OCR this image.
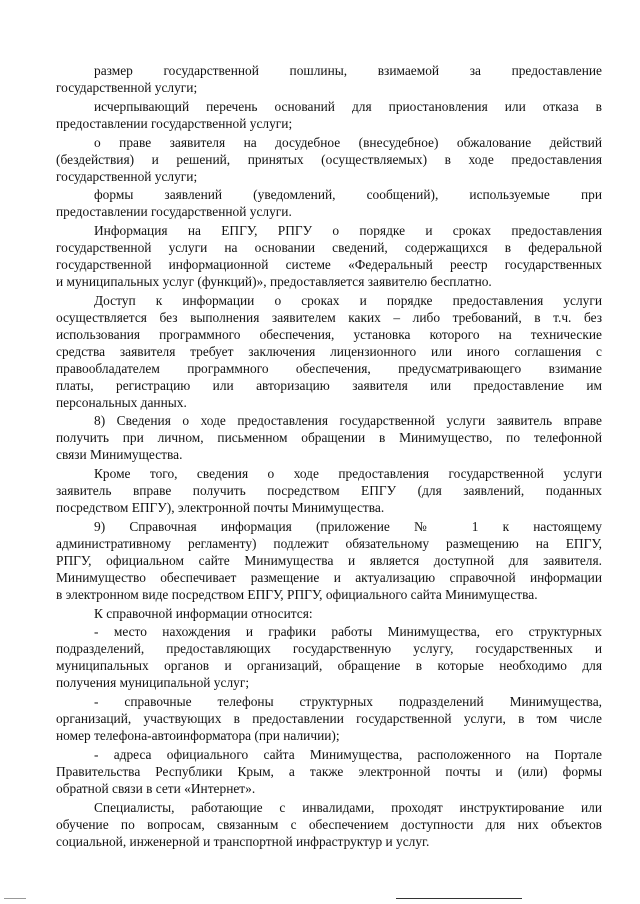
размер государственной пошлины, взимаемой за предоставление
государственной услуги;
исчерпывающий перечень оснований для приостановления или отказа в
предоставлении государственной услуги;
о праве заявителя на досудебное (внесудебное) обжалование действий
(бездействия) и решений, принятых (осуществляемых) в ходе предоставления
государственной услуги;
формы заявлений (уведомлений, сообщений), используемые при
предоставлении государственной услуги.
Информация на ЕПГУ, РПГУ о порядке и сроках предоставления
государственной услуги на основании сведений, содержащихся в федеральной
государственной информационной системе «Федеральный реестр государственных
и муниципальных услуг (функций)», предоставляется заявителю бесплатно.
Доступ к информации о сроках и порядке предоставления услуги
осуществляется без выполнения заявителем каких – либо требований, в т.ч. без
использования программного обеспечения, установка которого на технические
средства заявителя требует заключения лицензионного или иного соглашения с
правообладателем программного обеспечения, предусматривающего взимание
платы, регистрацию или авторизацию заявителя или предоставление им
персональных данных.
8) Сведения о ходе предоставления государственной услуги заявитель вправе
получить при личном, письменном обращении в Минимущество, по телефонной
связи Минимущества.
Кроме того, сведения о ходе предоставления государственной услуги
заявитель вправе получить посредством ЕПГУ (для заявлений, поданных
посредством ЕПГУ), электронной почты Минимущества.
9) Справочная информация (приложение № 1 к настоящему
административному регламенту) подлежит обязательному размещению на ЕПГУ,
РПГУ, официальном сайте Минимущества и является доступной для заявителя.
Минимущество обеспечивает размещение и актуализацию справочной информации
в электронном виде посредством ЕПГУ, РПГУ, официального сайта Минимущества.
К справочной информации относится:
- место нахождения и графики работы Минимущества, его структурных
подразделений, предоставляющих государственную услугу, государственных и
муниципальных органов и организаций, обращение в которые необходимо для
получения муниципальной услуг;
- справочные телефоны структурных подразделений Минимущества,
организаций, участвующих в предоставлении государственной услуги, в том числе
номер телефона-автоинформатора (при наличии);
- адреса официального сайта Минимущества, расположенного на Портале
Правительства Республики Крым, а также электронной почты и (или) формы
обратной связи в сети «Интернет».
Специалисты, работающие с инвалидами, проходят инструктирование или
обучение по вопросам, связанным с обеспечением доступности для них объектов
социальной, инженерной и транспортной инфраструктур и услуг.
